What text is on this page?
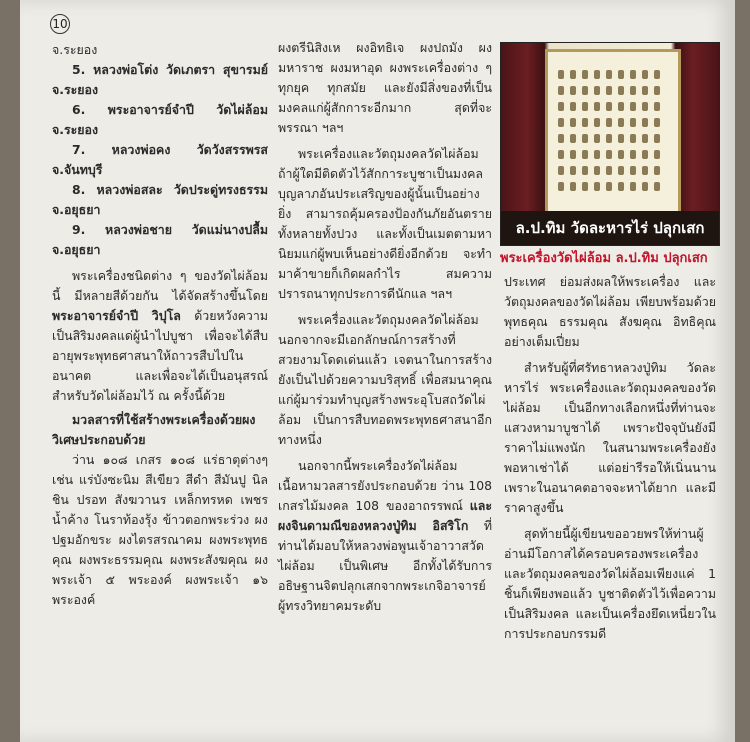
10

จ.ระยอง

5. หลวงพ่อโต่ง วัดเภตรา สุขารมย์ จ.ระยอง

6. พระอาจารย์จำปี วัดไผ่ล้อม จ.ระยอง

7. หลวงพ่อคง วัดวังสรรพรส จ.จันทบุรี

8. หลวงพ่อสละ วัดประดู่ทรงธรรม จ.อยุธยา

9. หลวงพ่อชาย วัดแม่นางปลื้ม จ.อยุธยา

พระเครื่องชนิดต่าง ๆ ของวัดไผ่ล้อมนี้ มีหลายสีด้วยกัน ได้จัดสร้างขึ้นโดยพระอาจารย์จำปี วิปุโล ด้วยหวังความเป็นสิริมงคลแด่ผู้นำไปบูชา เพื่อจะได้สืบอายุพระพุทธศาสนาให้ถาวรสืบไปในอนาคต และเพื่อจะได้เป็นอนุสรณ์ สำหรับวัดไผ่ล้อมไว้ ณ ครั้งนี้ด้วย

มวลสารที่ใช้สร้างพระเครื่องด้วยผงวิเศษประกอบด้วย

ว่าน ๑๐๘ เกสร ๑๐๘ แร่ธาตุต่างๆ เช่น แร่บังซะนิม สีเขียว สีดำ สีมันปู นิล ชิน ปรอท สังฆวานร เหล็กทรหด เพชรน้ำค้าง โนราท้องรุ้ง ข้าวตอกพระร่วง ผงปฐมอักขระ ผงไตรสรณาคม ผงพระพุทธคุณ ผงพระธรรมคุณ ผงพระสังฆคุณ ผงพระเจ้า ๕ พระองค์ ผงพระเจ้า ๑๖ พระองค์

ผงตรีนิสิงเห ผงอิทธิเจ ผงปถมัง ผงมหาราช ผงมหาอุด ผงพระเครื่องต่าง ๆ ทุกยุค ทุกสมัย และยังมีสิ่งของที่เป็นมงคลแก่ผู้สักการะอีกมาก สุดที่จะพรรณา ฯลฯ

พระเครื่องและวัตถุมงคลวัดไผ่ล้อม ถ้าผู้ใดมีติดตัวไว้สักการะบูชาเป็นมงคลบุญลาภอันประเสริญของผู้นั้นเป็นอย่างยิ่ง สามารถคุ้มครองป้องกันภัยอันตรายทั้งหลายทั้งปวง และทั้งเป็นเมตตามหานิยมแก่ผู้พบเห็นอย่างดียิ่งอีกด้วย จะทำมาค้าขายก็เกิดผลกำไร สมความปรารถนาทุกประการดีนักแล ฯลฯ

พระเครื่องและวัตถุมงคลวัดไผ่ล้อม นอกจากจะมีเอกลักษณ์การสร้างที่สวยงามโดดเด่นแล้ว เจตนาในการสร้างยังเป็นไปด้วยความบริสุทธิ์ เพื่อสมนาคุณแก่ผู้มาร่วมทำบุญสร้างพระอุโบสถวัดไผ่ล้อม เป็นการสืบทอดพระพุทธศาสนาอีกทางหนึ่ง

นอกจากนี้พระเครื่องวัดไผ่ล้อม เนื้อหามวลสารยังประกอบด้วย ว่าน 108 เกสรไม้มงคล 108 ของอาถรรพณ์ และผงจินดามณีของหลวงปู่ทิม อิสริโก ที่ท่านได้มอบให้หลวงพ่อพูนเจ้าอาวาสวัดไผ่ล้อม เป็นพิเศษ อีกทั้งได้รับการอธิษฐานจิตปลุกเสกจากพระเกจิอาจารย์ผู้ทรงวิทยาคมระดับ

ล.ป.ทิม วัดละหารไร่ ปลุกเสก
พระเครื่องวัดไผ่ล้อม ล.ป.ทิม ปลุกเสก

ประเทศ ย่อมส่งผลให้พระเครื่อง และวัตถุมงคลของวัดไผ่ล้อม เพียบพร้อมด้วย พุทธคุณ ธรรมคุณ สังฆคุณ อิทธิคุณ อย่างเต็มเปี่ยม

สำหรับผู้ที่ศรัทธาหลวงปู่ทิม วัดละหารไร่ พระเครื่องและวัตถุมงคลของวัดไผ่ล้อม เป็นอีกทางเลือกหนึ่งที่ท่านจะแสวงหามาบูชาได้ เพราะปัจจุบันยังมีราคาไม่แพงนัก ในสนามพระเครื่องยังพอหาเช่าได้ แต่อย่ารีรอให้เนิ่นนาน เพราะในอนาคตอาจจะหาได้ยาก และมีราคาสูงขึ้น

สุดท้ายนี้ผู้เขียนขออวยพรให้ท่านผู้อ่านมีโอกาสได้ครอบครองพระเครื่องและวัตถุมงคลของวัดไผ่ล้อมเพียงแค่ 1 ชิ้นก็เพียงพอแล้ว บูชาติดตัวไว้เพื่อความเป็นสิริมงคล และเป็นเครื่องยึดเหนี่ยวในการประกอบกรรมดี
